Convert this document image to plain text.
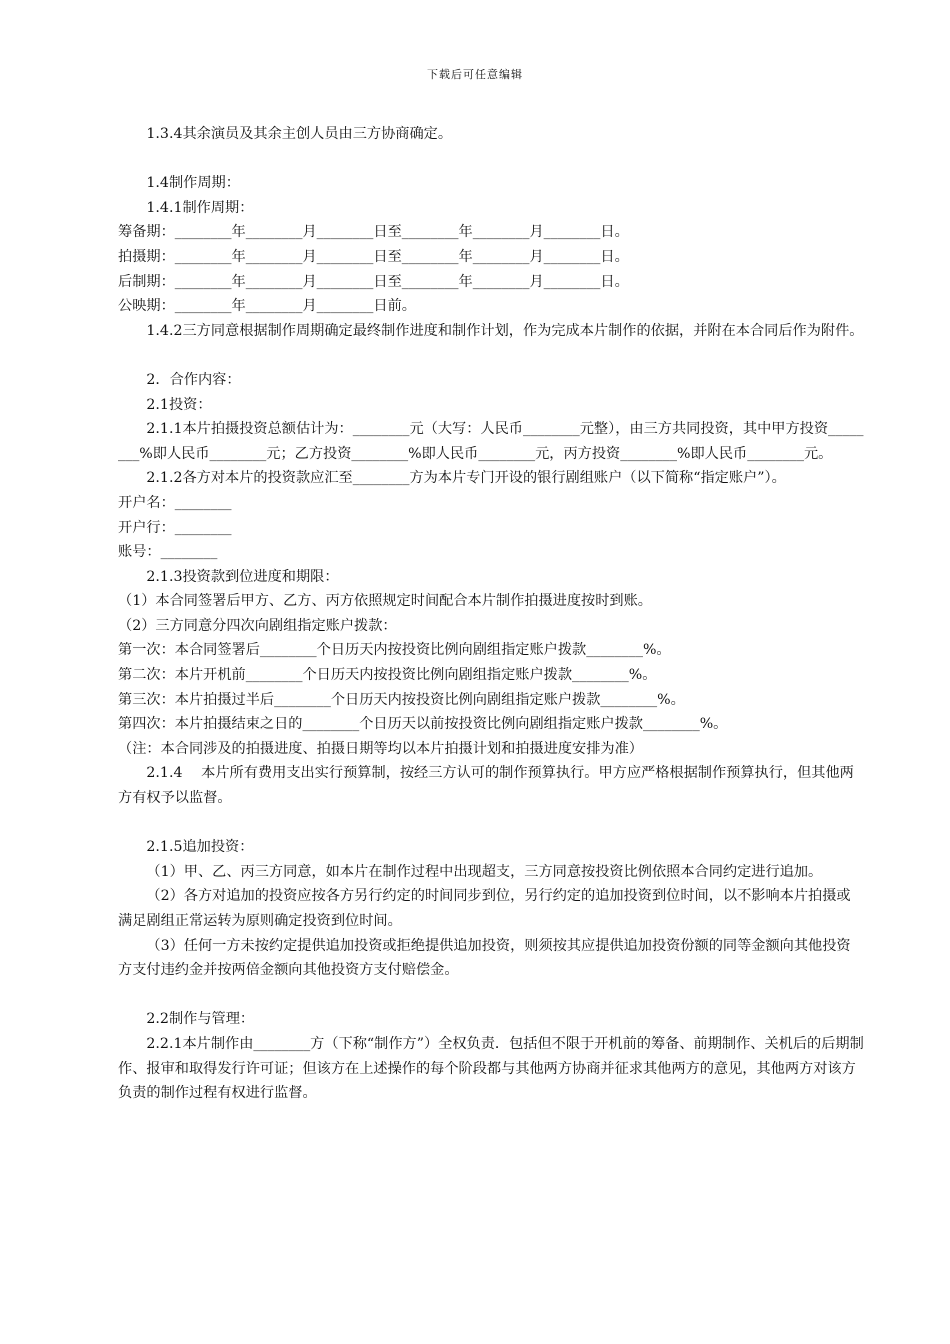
下载后可任意编辑

1.3.4其余演员及其余主创人员由三方协商确定。

1.4制作周期：

1.4.1制作周期：

筹备期：________年________月________日至________年________月________日。

拍摄期：________年________月________日至________年________月________日。

后制期：________年________月________日至________年________月________日。

公映期：________年________月________日前。

1.4.2三方同意根据制作周期确定最终制作进度和制作计划，作为完成本片制作的依据，并附在本合同后作为附件。

2．合作内容：

2.1投资：

2.1.1本片拍摄投资总额估计为：________元（大写：人民币________元整），由三方共同投资，其中甲方投资________%即人民币________元；乙方投资________%即人民币________元，丙方投资________%即人民币________元。

2.1.2各方对本片的投资款应汇至________方为本片专门开设的银行剧组账户（以下简称“指定账户”）。

开户名：________

开户行：________

账号：________

2.1.3投资款到位进度和期限：

（1）本合同签署后甲方、乙方、丙方依照规定时间配合本片制作拍摄进度按时到账。

（2）三方同意分四次向剧组指定账户拨款：

第一次：本合同签署后________个日历天内按投资比例向剧组指定账户拨款________%。

第二次：本片开机前________个日历天内按投资比例向剧组指定账户拨款________%。

第三次：本片拍摄过半后________个日历天内按投资比例向剧组指定账户拨款________%。

第四次：本片拍摄结束之日的________个日历天以前按投资比例向剧组指定账户拨款________%。

（注：本合同涉及的拍摄进度、拍摄日期等均以本片拍摄计划和拍摄进度安排为准）

2.1.4　 本片所有费用支出实行预算制，按经三方认可的制作预算执行。甲方应严格根据制作预算执行，但其他两方有权予以监督。

2.1.5追加投资：

（1）甲、乙、丙三方同意，如本片在制作过程中出现超支，三方同意按投资比例依照本合同约定进行追加。

（2）各方对追加的投资应按各方另行约定的时间同步到位，另行约定的追加投资到位时间，以不影响本片拍摄或满足剧组正常运转为原则确定投资到位时间。

（3）任何一方未按约定提供追加投资或拒绝提供追加投资，则须按其应提供追加投资份额的同等金额向其他投资方支付违约金并按两倍金额向其他投资方支付赔偿金。

2.2制作与管理：

2.2.1本片制作由________方（下称“制作方”）全权负责．包括但不限于开机前的筹备、前期制作、关机后的后期制作、报审和取得发行许可证；但该方在上述操作的每个阶段都与其他两方协商并征求其他两方的意见，其他两方对该方负责的制作过程有权进行监督。
